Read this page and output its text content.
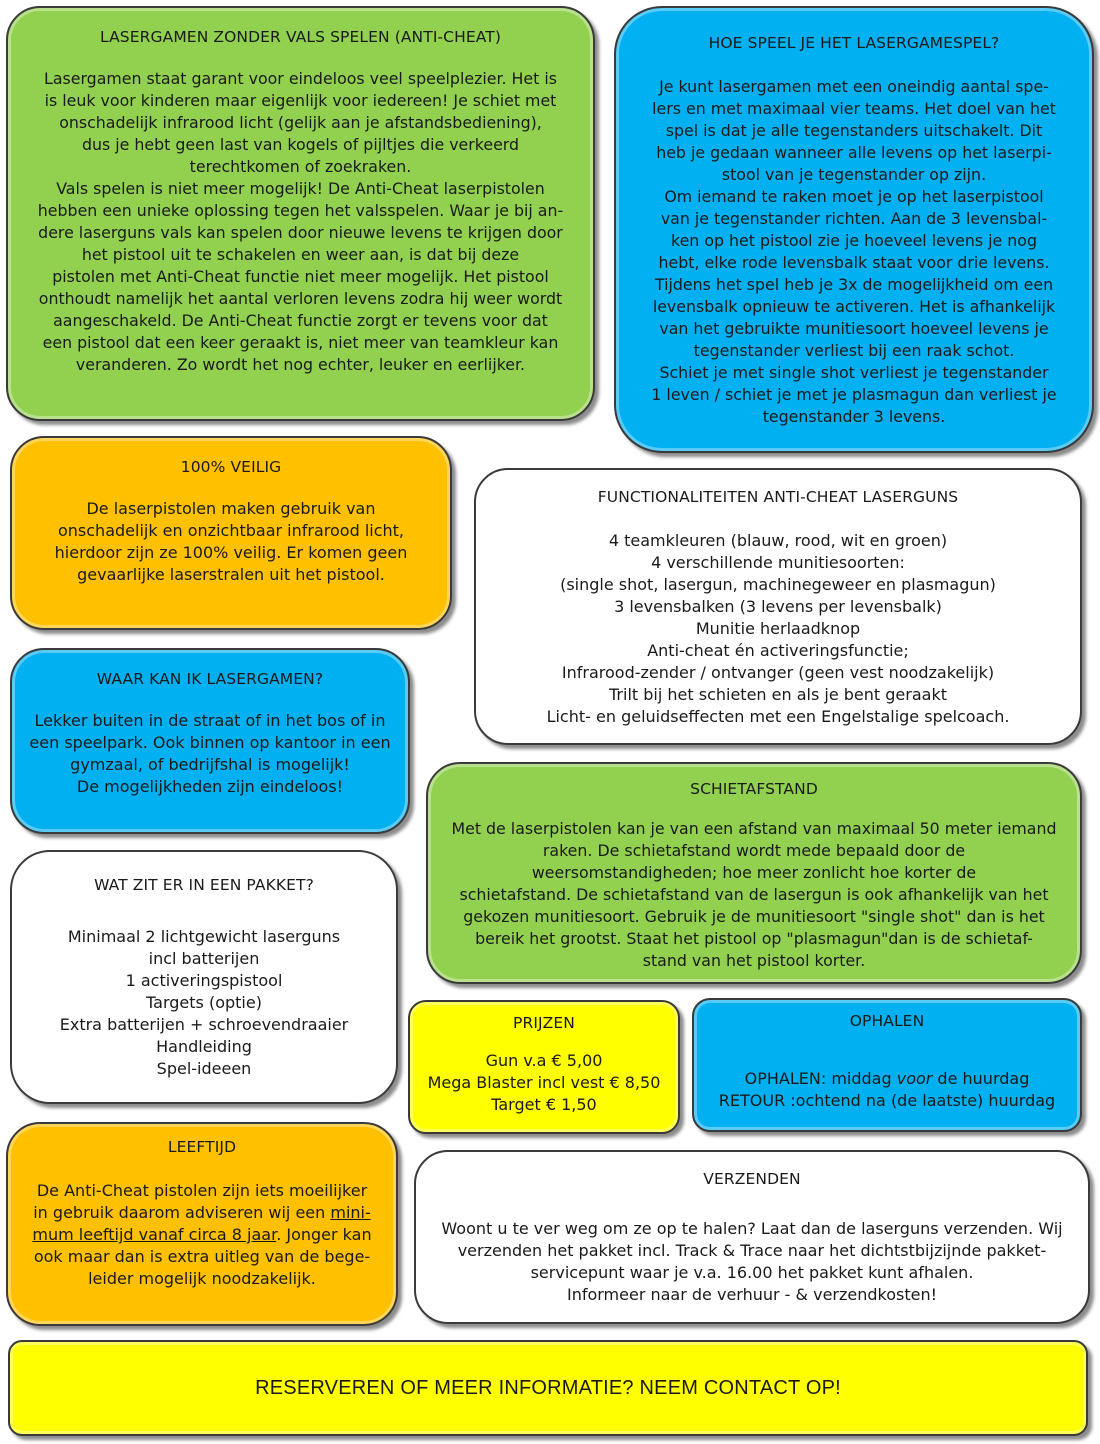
LASERGAMEN ZONDER VALS SPELEN (ANTI-CHEAT)
Lasergamen staat garant voor eindeloos veel speelplezier. Het is
is leuk voor kinderen maar eigenlijk voor iedereen! Je schiet met
onschadelijk infrarood licht (gelijk aan je afstandsbediening),
dus je hebt geen last van kogels of pijltjes die verkeerd
terechtkomen of zoekraken.
Vals spelen is niet meer mogelijk! De Anti-Cheat laserpistolen
hebben een unieke oplossing tegen het valsspelen. Waar je bij an-
dere laserguns vals kan spelen door nieuwe levens te krijgen door
het pistool uit te schakelen en weer aan, is dat bij deze
pistolen met Anti-Cheat functie niet meer mogelijk. Het pistool
onthoudt namelijk het aantal verloren levens zodra hij weer wordt
aangeschakeld. De Anti-Cheat functie zorgt er tevens voor dat
een pistool dat een keer geraakt is, niet meer van teamkleur kan
veranderen. Zo wordt het nog echter, leuker en eerlijker.
HOE SPEEL JE HET LASERGAMESPEL?
Je kunt lasergamen met een oneindig aantal spe-
lers en met maximaal vier teams. Het doel van het
spel is dat je alle tegenstanders uitschakelt. Dit
heb je gedaan wanneer alle levens op het laserpi-
stool van je tegenstander op zijn.
Om iemand te raken moet je op het laserpistool
van je tegenstander richten. Aan de 3 levensbal-
ken op het pistool zie je hoeveel levens je nog
hebt, elke rode levensbalk staat voor drie levens.
Tijdens het spel heb je 3x de mogelijkheid om een
levensbalk opnieuw te activeren. Het is afhankelijk
van het gebruikte munitiesoort hoeveel levens je
tegenstander verliest bij een raak schot.
Schiet je met single shot verliest je tegenstander
1 leven / schiet je met je plasmagun dan verliest je
tegenstander 3 levens.
100% VEILIG
De laserpistolen maken gebruik van
onschadelijk en onzichtbaar infrarood licht,
hierdoor zijn ze 100% veilig. Er komen geen
gevaarlijke laserstralen uit het pistool.
FUNCTIONALITEITEN ANTI-CHEAT LASERGUNS
4 teamkleuren (blauw, rood, wit en groen)
4 verschillende munitiesoorten:
(single shot, lasergun, machinegeweer en plasmagun)
3 levensbalken (3 levens per levensbalk)
Munitie herlaadknop
Anti-cheat én activeringsfunctie;
Infrarood-zender / ontvanger (geen vest noodzakelijk)
Trilt bij het schieten en als je bent geraakt
Licht- en geluidseffecten met een Engelstalige spelcoach.
WAAR KAN IK LASERGAMEN?
Lekker buiten in de straat of in het bos of in
een speelpark. Ook binnen op kantoor in een
gymzaal, of bedrijfshal is mogelijk!
De mogelijkheden zijn eindeloos!	SCHIETAFSTAND
Met de laserpistolen kan je van een afstand van maximaal 50 meter iemand
raken. De schietafstand wordt mede bepaald door de
weersomstandigheden; hoe meer zonlicht hoe korter de
schietafstand. De schietafstand van de lasergun is ook afhankelijk van het
gekozen munitiesoort. Gebruik je de munitiesoort "single shot" dan is het
bereik het grootst. Staat het pistool op "plasmagun"dan is de schietaf-
stand van het pistool korter.
WAT ZIT ER IN EEN PAKKET?
Minimaal 2 lichtgewicht laserguns
incl batterijen
1 activeringspistool
Targets (optie)
Extra batterijen + schroevendraaier
Handleiding
Spel-ideeen
PRIJZEN
Gun v.a € 5,00
Mega Blaster incl vest € 8,50
Target € 1,50
OPHALEN
OPHALEN: middag voor de huurdag
RETOUR :ochtend na (de laatste) huurdag
LEEFTIJD
De Anti-Cheat pistolen zijn iets moeilijker
in gebruik daarom adviseren wij een mini-
mum leeftijd vanaf circa 8 jaar. Jonger kan
ook maar dan is extra uitleg van de bege-
leider mogelijk noodzakelijk.
VERZENDEN
Woont u te ver weg om ze op te halen? Laat dan de laserguns verzenden. Wij
verzenden het pakket incl. Track & Trace naar het dichtstbijzijnde pakket-
servicepunt waar je v.a. 16.00 het pakket kunt afhalen.
Informeer naar de verhuur - & verzendkosten!
RESERVEREN OF MEER INFORMATIE? NEEM CONTACT OP!
